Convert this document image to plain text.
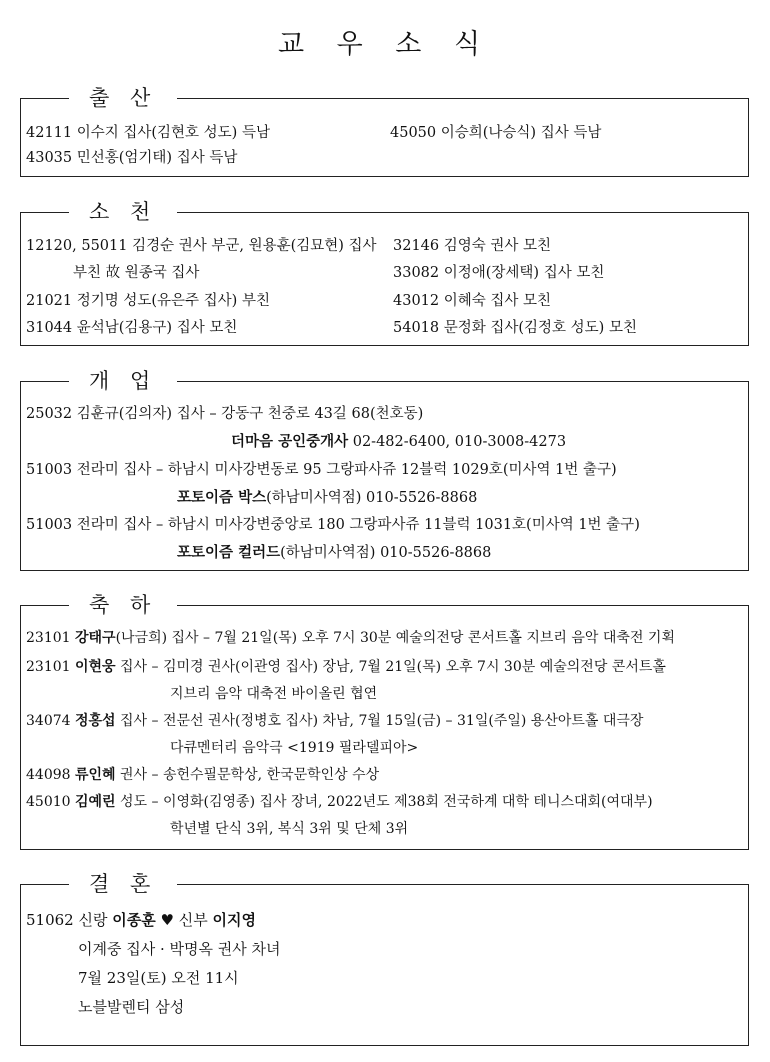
교 우 소 식
출 산
42111 이수지 집사(김현호 성도) 득남	45050 이승희(나승식) 집사 득남
43035 민선홍(엄기태) 집사 득남
소 천
12120, 55011 김경순 권사 부군, 원용훈(김묘현) 집사
부친 故 원종국 집사
21021 정기명 성도(유은주 집사) 부친
31044 윤석남(김용구) 집사 모친
32146 김영숙 권사 모친
33082 이정애(장세택) 집사 모친
43012 이혜숙 집사 모친
54018 문정화 집사(김정호 성도) 모친
개 업
25032 김훈규(김의자) 집사 – 강동구 천중로 43길 68(천호동)
더마음 공인중개사 02-482-6400, 010-3008-4273
51003 전라미 집사 – 하남시 미사강변동로 95 그랑파사쥬 12블럭 1029호(미사역 1번 출구)
포토이즘 박스(하남미사역점) 010-5526-8868
51003 전라미 집사 – 하남시 미사강변중앙로 180 그랑파사쥬 11블럭 1031호(미사역 1번 출구)
포토이즘 컬러드(하남미사역점) 010-5526-8868
축 하
23101 강태구(나금희) 집사 – 7월 21일(목) 오후 7시 30분 예술의전당 콘서트홀 지브리 음악 대축전 기획
23101 이현웅 집사 – 김미경 권사(이관영 집사) 장남, 7월 21일(목) 오후 7시 30분 예술의전당 콘서트홀
지브리 음악 대축전 바이올린 협연
34074 정홍섭 집사 – 전문선 권사(정병호 집사) 차남, 7월 15일(금) – 31일(주일) 용산아트홀 대극장
다큐멘터리 음악극 <1919 필라델피아>
44098 류인혜 권사 – 송헌수필문학상, 한국문학인상 수상
45010 김예린 성도 – 이영화(김영종) 집사 장녀, 2022년도 제38회 전국하계 대학 테니스대회(여대부)
학년별 단식 3위, 복식 3위 및 단체 3위
결 혼
51062 신랑 이종훈 ♥ 신부 이지영
이계중 집사 · 박명옥 권사 차녀
7월 23일(토) 오전 11시
노블발렌티 삼성
